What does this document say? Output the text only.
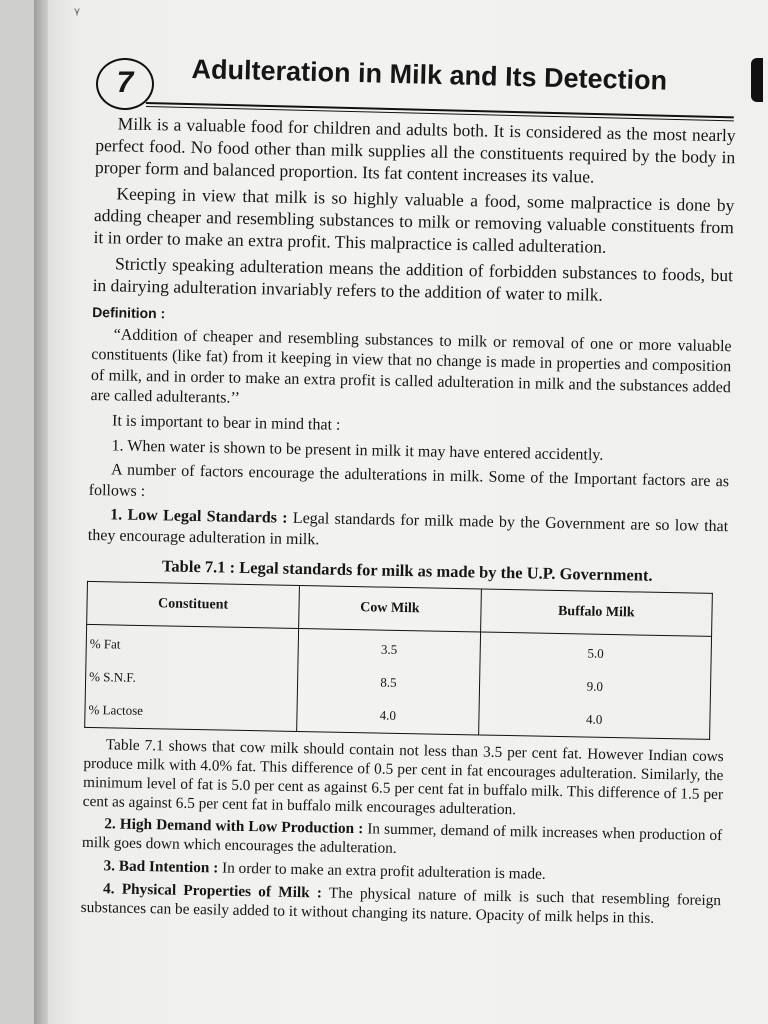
ᵞ
7	Adulteration in Milk and Its Detection

Milk is a valuable food for children and adults both. It is considered as the most nearly perfect food. No food other than milk supplies all the constituents required by the body in proper form and balanced proportion. Its fat content increases its value.

Keeping in view that milk is so highly valuable a food, some malpractice is done by adding cheaper and resembling substances to milk or removing valuable constituents from it in order to make an extra profit. This malpractice is called adulteration.

Strictly speaking adulteration means the addition of forbidden substances to foods, but in dairying adulteration invariably refers to the addition of water to milk.

Definition :

“Addition of cheaper and resembling substances to milk or removal of one or more valuable constituents (like fat) from it keeping in view that no change is made in properties and composition of milk, and in order to make an extra profit is called adulteration in milk and the substances added are called adulterants.’’

It is important to bear in mind that :

1. When water is shown to be present in milk it may have entered accidently.

A number of factors encourage the adulterations in milk. Some of the Important factors are as follows :

1. Low Legal Standards : Legal standards for milk made by the Government are so low that they encourage adulteration in milk.

Table 7.1 : Legal standards for milk as made by the U.P. Government.
Constituent	Cow Milk	Buffalo Milk
% Fat	3.5	5.0
% S.N.F.	8.5	9.0
% Lactose	4.0	4.0

Table 7.1 shows that cow milk should contain not less than 3.5 per cent fat. However Indian cows produce milk with 4.0% fat. This difference of 0.5 per cent in fat encourages adulteration. Similarly, the minimum level of fat is 5.0 per cent as against 6.5 per cent fat in buffalo milk. This difference of 1.5 per cent as against 6.5 per cent fat in buffalo milk encourages adulteration.

2. High Demand with Low Production : In summer, demand of milk increases when production of milk goes down which encourages the adulteration.

3. Bad Intention : In order to make an extra profit adulteration is made.

4. Physical Properties of Milk : The physical nature of milk is such that resembling foreign substances can be easily added to it without changing its nature. Opacity of milk helps in this.
